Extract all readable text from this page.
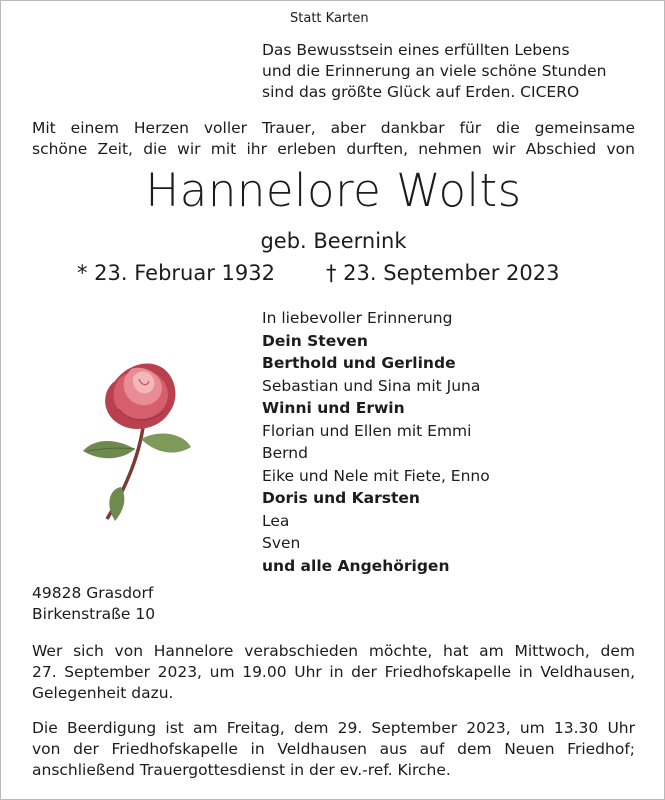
Statt Karten
Das Bewusstsein eines erfüllten Lebens
und die Erinnerung an viele schöne Stunden
sind das größte Glück auf Erden. CICERO
Mit einem Herzen voller Trauer, aber dankbar für die gemeinsame
schöne Zeit, die wir mit ihr erleben durften, nehmen wir Abschied von
Hannelore Wolts
geb. Beernink
* 23. Februar 1932 † 23. September 2023
In liebevoller Erinnerung
Dein Steven
Berthold und Gerlinde
Sebastian und Sina mit Juna
Winni und Erwin
Florian und Ellen mit Emmi
Bernd
Eike und Nele mit Fiete, Enno
Doris und Karsten
Lea
Sven
und alle Angehörigen
49828 Grasdorf
Birkenstraße 10
Wer sich von Hannelore verabschieden möchte, hat am Mittwoch, dem
27. September 2023, um 19.00 Uhr in der Friedhofskapelle in Veldhausen,
Gelegenheit dazu.
Die Beerdigung ist am Freitag, dem 29. September 2023, um 13.30 Uhr
von der Friedhofskapelle in Veldhausen aus auf dem Neuen Friedhof;
anschließend Trauergottesdienst in der ev.-ref. Kirche.
